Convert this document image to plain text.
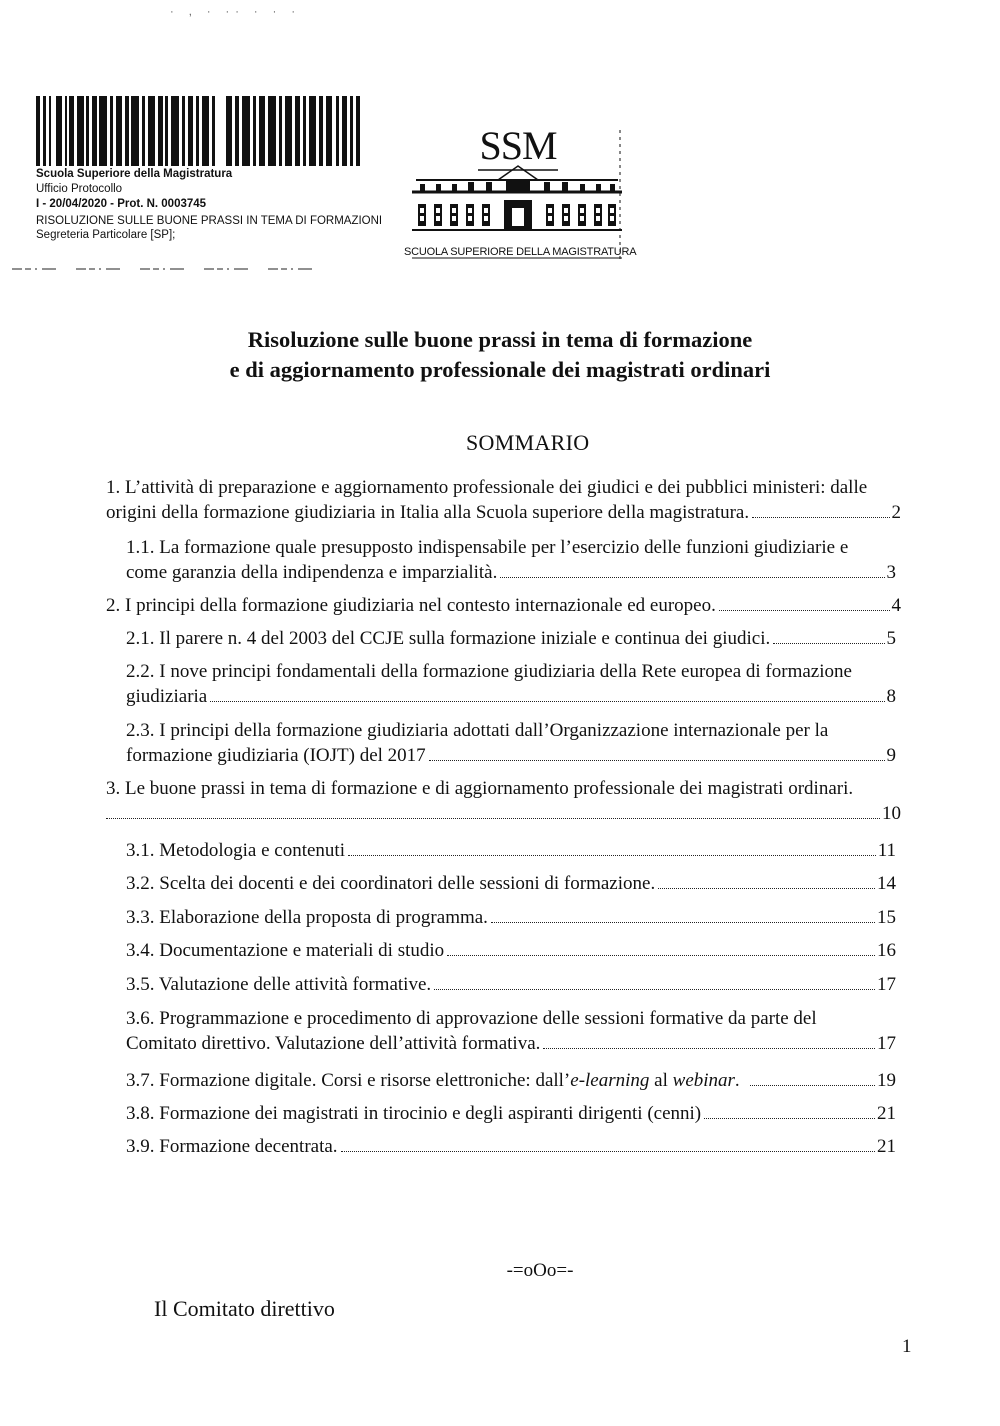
· , · ·· · · ·
Scuola Superiore della Magistratura
Ufficio Protocollo
I - 20/04/2020 - Prot. N. 0003745
RISOLUZIONE SULLE BUONE PRASSI IN TEMA DI FORMAZIONI
Segreteria Particolare [SP];
SSM
SCUOLA SUPERIORE DELLA MAGISTRATURA
Risoluzione sulle buone prassi in tema di formazione
e di aggiornamento professionale dei magistrati ordinari
SOMMARIO
1. L’attività di preparazione e aggiornamento professionale dei giudici e dei pubblici ministeri: dalle
origini della formazione giudiziaria in Italia alla Scuola superiore della magistratura.	2
1.1. La formazione quale presupposto indispensabile per l’esercizio delle funzioni giudiziarie e
come garanzia della indipendenza e imparzialità.	3
2. I principi della formazione giudiziaria nel contesto internazionale ed europeo.	4
2.1. Il parere n. 4 del 2003 del CCJE sulla formazione iniziale e continua dei giudici.	5
2.2. I nove principi fondamentali della formazione giudiziaria della Rete europea di formazione
giudiziaria	8
2.3. I principi della formazione giudiziaria adottati dall’Organizzazione internazionale per la
formazione giudiziaria (IOJT) del 2017	9
3. Le buone prassi in tema di formazione e di aggiornamento professionale dei magistrati ordinari.
10
3.1. Metodologia e contenuti	11
3.2. Scelta dei docenti e dei coordinatori delle sessioni di formazione.	14
3.3. Elaborazione della proposta di programma.	15
3.4. Documentazione e materiali di studio	16
3.5. Valutazione delle attività formative.	17
3.6. Programmazione e procedimento di approvazione delle sessioni formative da parte del
Comitato direttivo. Valutazione dell’attività formativa.	17
3.7. Formazione digitale. Corsi e risorse elettroniche: dall’e-learning al webinar.	19
3.8. Formazione dei magistrati in tirocinio e degli aspiranti dirigenti (cenni)	21
3.9. Formazione decentrata.	21
-=oOo=-
Il Comitato direttivo
1
